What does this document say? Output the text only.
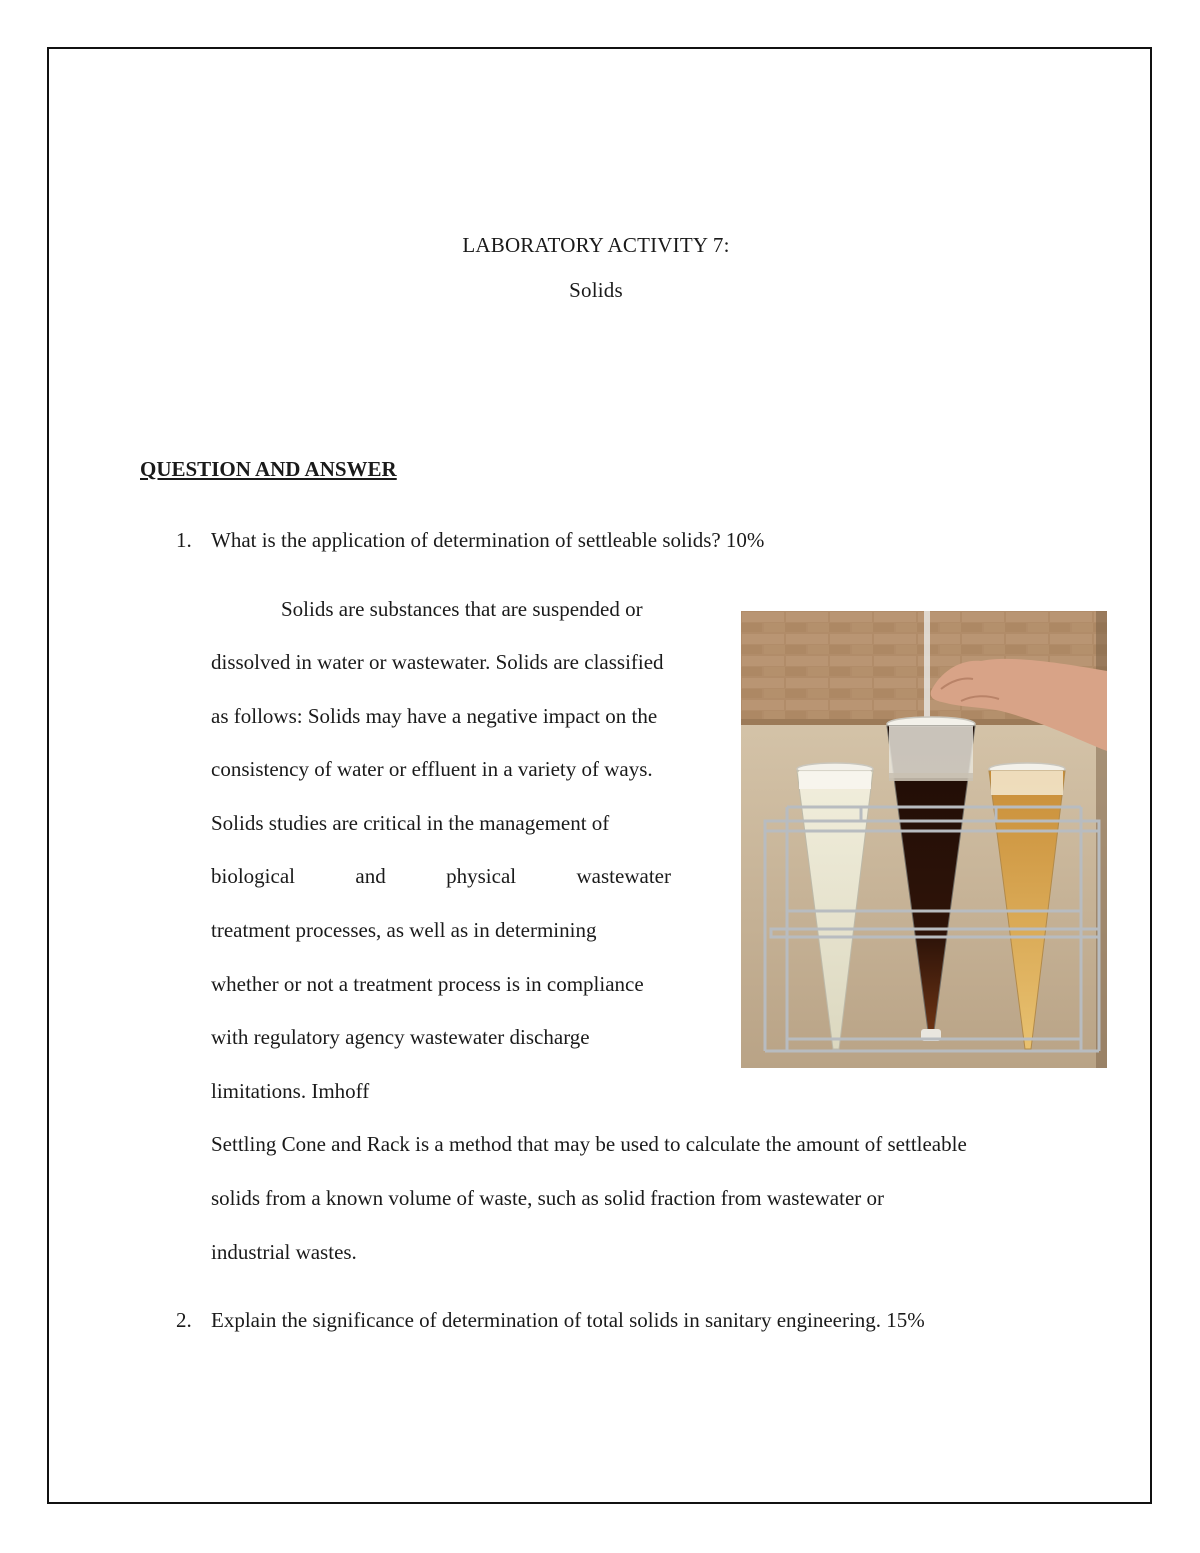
LABORATORY ACTIVITY 7:
Solids
QUESTION AND ANSWER
1. What is the application of determination of settleable solids? 10%
Solids are substances that are suspended or
dissolved in water or wastewater. Solids are classified
as follows: Solids may have a negative impact on the
consistency of water or effluent in a variety of ways.
Solids studies are critical in the management of
biological	and	physical	wastewater
treatment processes, as well as in determining
whether or not a treatment process is in compliance
with regulatory agency wastewater discharge
limitations. Imhoff
Settling Cone and Rack is a method that may be used to calculate the amount of settleable
solids from a known volume of waste, such as solid fraction from wastewater or
industrial wastes.
2. Explain the significance of determination of total solids in sanitary engineering. 15%
